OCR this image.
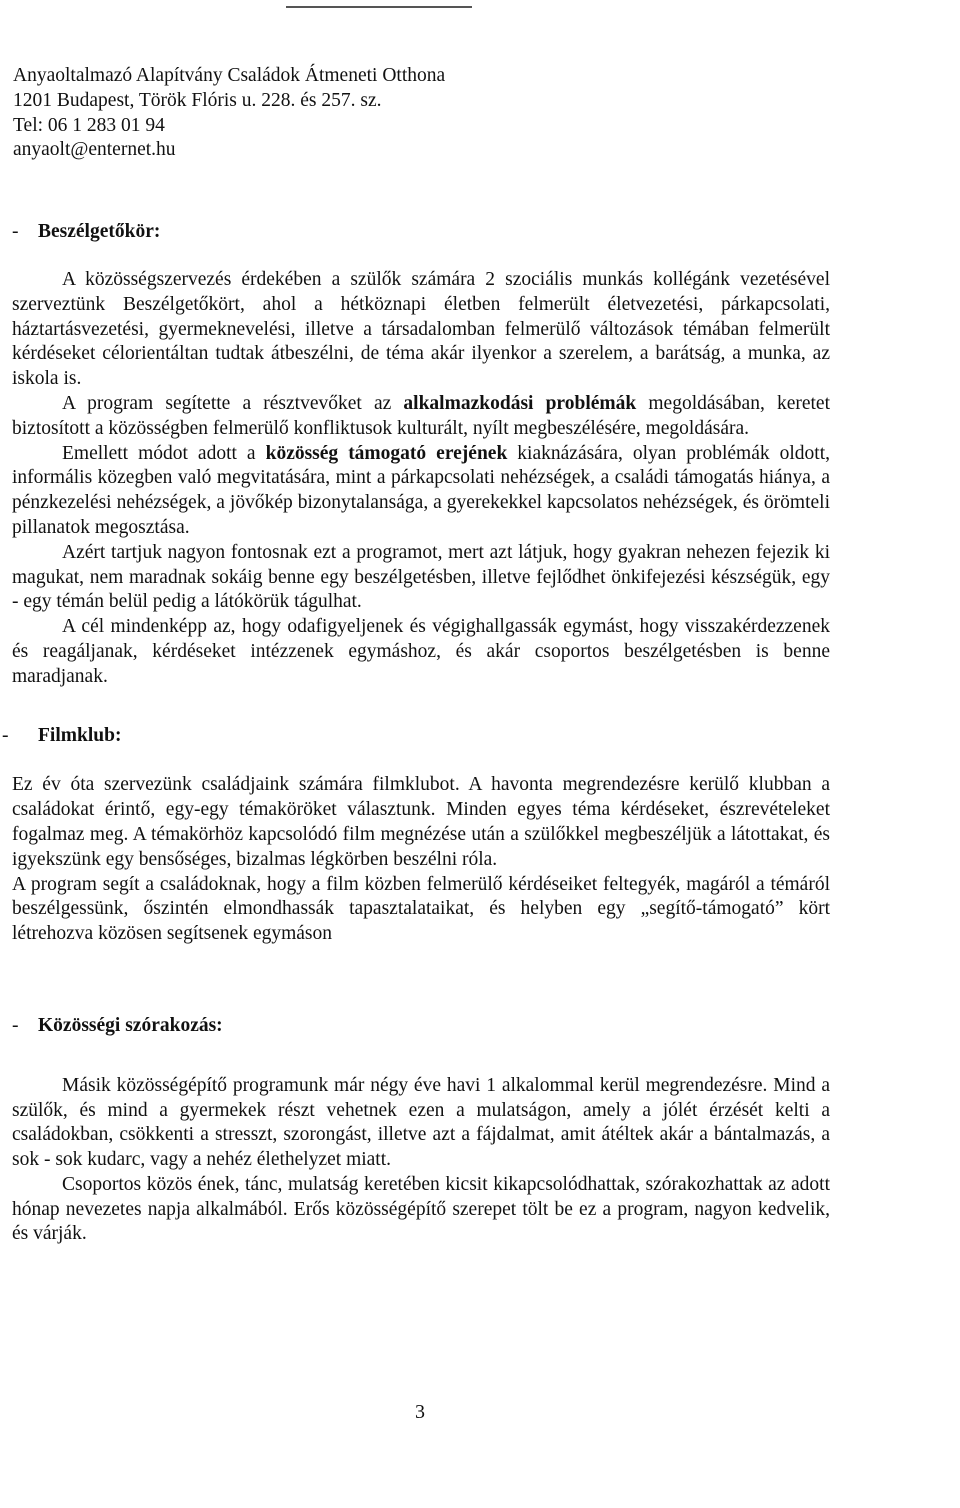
Anyaoltalmazó Alapítvány Családok Átmeneti Otthona
1201 Budapest, Török Flóris u. 228. és 257. sz.
Tel: 06 1 283 01 94
anyaolt@enternet.hu
- Beszélgetőkör:

A közösségszervezés érdekében a szülők számára 2 szociális munkás kollégánk vezetésével szerveztünk Beszélgetőkört, ahol a hétköznapi életben felmerült életvezetési, párkapcsolati, háztartásvezetési, gyermeknevelési, illetve a társadalomban felmerülő változások témában felmerült kérdéseket célorientáltan tudtak átbeszélni, de téma akár ilyenkor a szerelem, a barátság, a munka, az iskola is.

A program segítette a résztvevőket az alkalmazkodási problémák megoldásában, keretet biztosított a közösségben felmerülő konfliktusok kulturált, nyílt megbeszélésére, megoldására.

Emellett módot adott a közösség támogató erejének kiaknázására, olyan problémák oldott, informális közegben való megvitatására, mint a párkapcsolati nehézségek, a családi támogatás hiánya, a pénzkezelési nehézségek, a jövőkép bizonytalansága, a gyerekekkel kapcsolatos nehézségek, és örömteli pillanatok megosztása.

Azért tartjuk nagyon fontosnak ezt a programot, mert azt látjuk, hogy gyakran nehezen fejezik ki magukat, nem maradnak sokáig benne egy beszélgetésben, illetve fejlődhet önkifejezési készségük, egy - egy témán belül pedig a látókörük tágulhat.

A cél mindenképp az, hogy odafigyeljenek és végighallgassák egymást, hogy visszakérdezzenek és reagáljanak, kérdéseket intézzenek egymáshoz, és akár csoportos beszélgetésben is benne maradjanak.

- Filmklub:

Ez év óta szervezünk családjaink számára filmklubot. A havonta megrendezésre kerülő klubban a családokat érintő, egy-egy témaköröket választunk. Minden egyes téma kérdéseket, észrevételeket fogalmaz meg. A témakörhöz kapcsolódó film megnézése után a szülőkkel megbeszéljük a látottakat, és igyekszünk egy bensőséges, bizalmas légkörben beszélni róla.

A program segít a családoknak, hogy a film közben felmerülő kérdéseiket feltegyék, magáról a témáról beszélgessünk, őszintén elmondhassák tapasztalataikat, és helyben egy „segítő-támogató” kört létrehozva közösen segítsenek egymáson

- Közösségi szórakozás:

Másik közösségépítő programunk már négy éve havi 1 alkalommal kerül megrendezésre. Mind a szülők, és mind a gyermekek részt vehetnek ezen a mulatságon, amely a jólét érzését kelti a családokban, csökkenti a stresszt, szorongást, illetve azt a fájdalmat, amit átéltek akár a bántalmazás, a sok - sok kudarc, vagy a nehéz élethelyzet miatt.

Csoportos közös ének, tánc, mulatság keretében kicsit kikapcsolódhattak, szórakozhattak az adott hónap nevezetes napja alkalmából. Erős közösségépítő szerepet tölt be ez a program, nagyon kedvelik, és várják.

3
